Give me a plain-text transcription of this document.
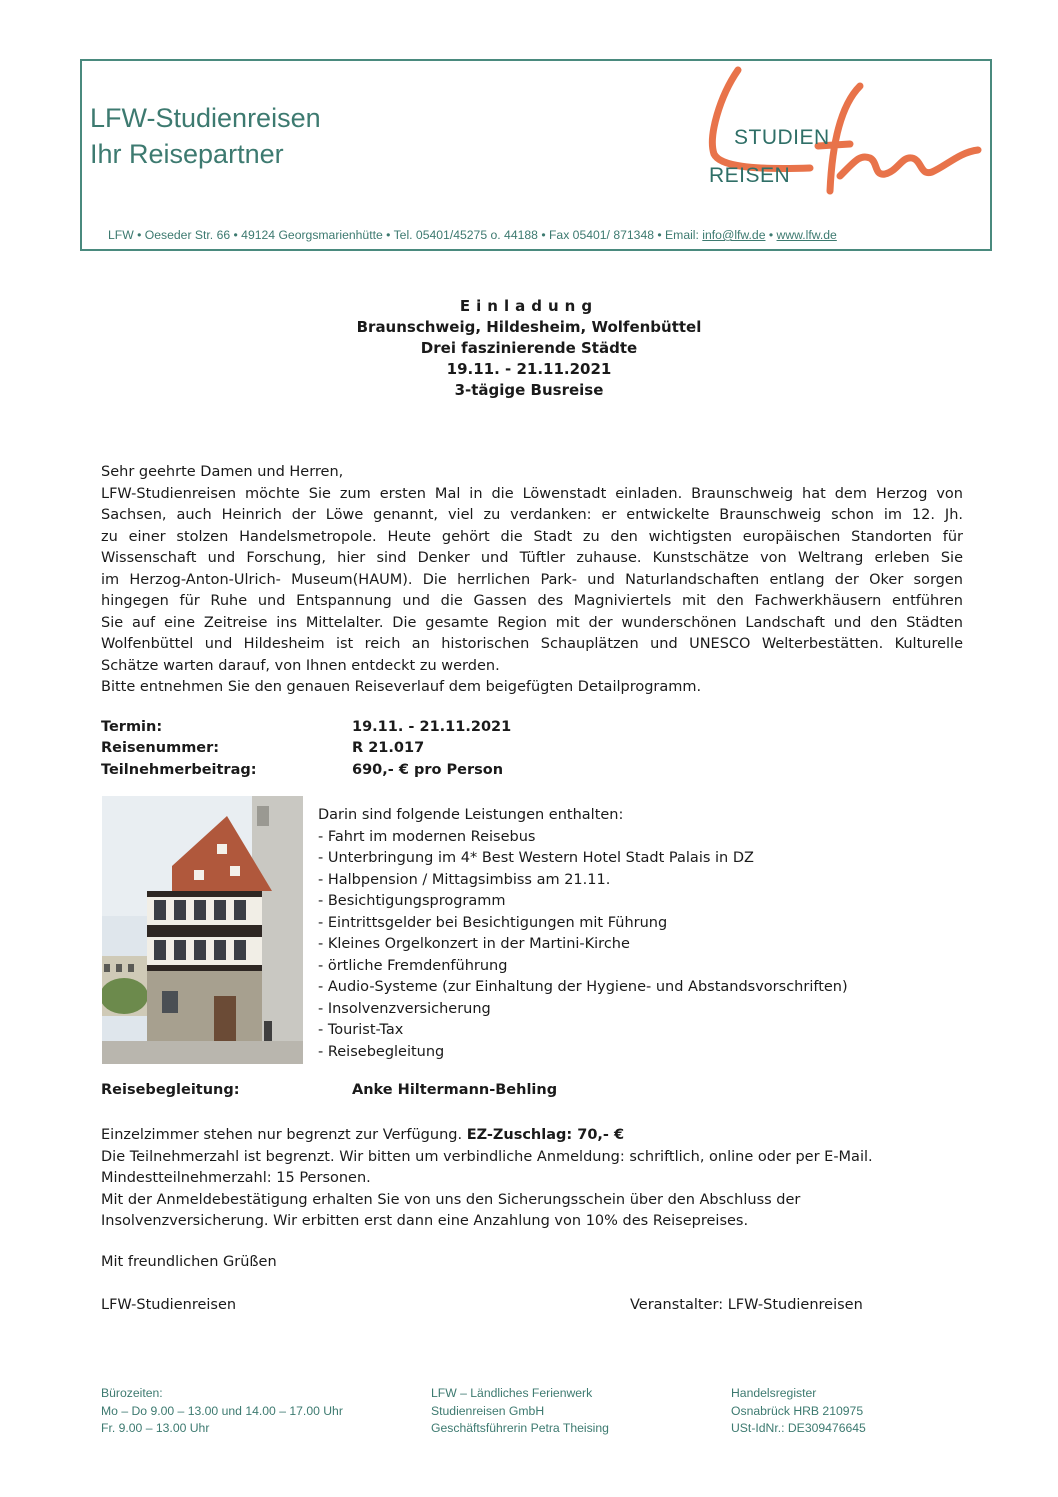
LFW-Studienreisen
Ihr Reisepartner
STUDIEN
REISEN
LFW • Oeseder Str. 66 • 49124 Georgsmarienhütte • Tel. 05401/45275 o. 44188 • Fax 05401/ 871348 • Email: info@lfw.de • www.lfw.de
Einladung
Braunschweig, Hildesheim, Wolfenbüttel
Drei faszinierende Städte
19.11. - 21.11.2021
3-tägige Busreise

Sehr geehrte Damen und Herren,

LFW-Studienreisen möchte Sie zum ersten Mal in die Löwenstadt einladen. Braunschweig hat dem Herzog von

Sachsen, auch Heinrich der Löwe genannt, viel zu verdanken: er entwickelte Braunschweig schon im 12. Jh.

zu einer stolzen Handelsmetropole. Heute gehört die Stadt zu den wichtigsten europäischen Standorten für

Wissenschaft und Forschung, hier sind Denker und Tüftler zuhause. Kunstschätze von Weltrang erleben Sie

im Herzog-Anton-Ulrich- Museum(HAUM). Die herrlichen Park- und Naturlandschaften entlang der Oker sorgen

hingegen für Ruhe und Entspannung und die Gassen des Magniviertels mit den Fachwerkhäusern entführen

Sie auf eine Zeitreise ins Mittelalter. Die gesamte Region mit der wunderschönen Landschaft und den Städten

Wolfenbüttel und Hildesheim ist reich an historischen Schauplätzen und UNESCO Welterbestätten. Kulturelle

Schätze warten darauf, von Ihnen entdeckt zu werden.

Bitte entnehmen Sie den genauen Reiseverlauf dem beigefügten Detailprogramm.

Termin:	19.11. - 21.11.2021
Reisenummer:	R 21.017
Teilnehmerbeitrag:	690,- € pro Person
Darin sind folgende Leistungen enthalten:
- Fahrt im modernen Reisebus
- Unterbringung im 4* Best Western Hotel Stadt Palais in DZ
- Halbpension / Mittagsimbiss am 21.11.
- Besichtigungsprogramm
- Eintrittsgelder bei Besichtigungen mit Führung
- Kleines Orgelkonzert in der Martini-Kirche
- örtliche Fremdenführung
- Audio-Systeme (zur Einhaltung der Hygiene- und Abstandsvorschriften)
- Insolvenzversicherung
- Tourist-Tax
- Reisebegleitung
Reisebegleitung:	Anke Hiltermann-Behling
Einzelzimmer stehen nur begrenzt zur Verfügung. EZ-Zuschlag: 70,- €
Die Teilnehmerzahl ist begrenzt. Wir bitten um verbindliche Anmeldung: schriftlich, online oder per E-Mail.
Mindestteilnehmerzahl: 15 Personen.
Mit der Anmeldebestätigung erhalten Sie von uns den Sicherungsschein über den Abschluss der
Insolvenzversicherung. Wir erbitten erst dann eine Anzahlung von 10% des Reisepreises.
Mit freundlichen Grüßen
LFW-Studienreisen	Veranstalter: LFW-Studienreisen
Bürozeiten:
Mo – Do 9.00 – 13.00 und 14.00 – 17.00 Uhr
Fr. 9.00 – 13.00 Uhr
LFW – Ländliches Ferienwerk
Studienreisen GmbH
Geschäftsführerin Petra Theising
Handelsregister
Osnabrück HRB 210975
USt-IdNr.: DE309476645
